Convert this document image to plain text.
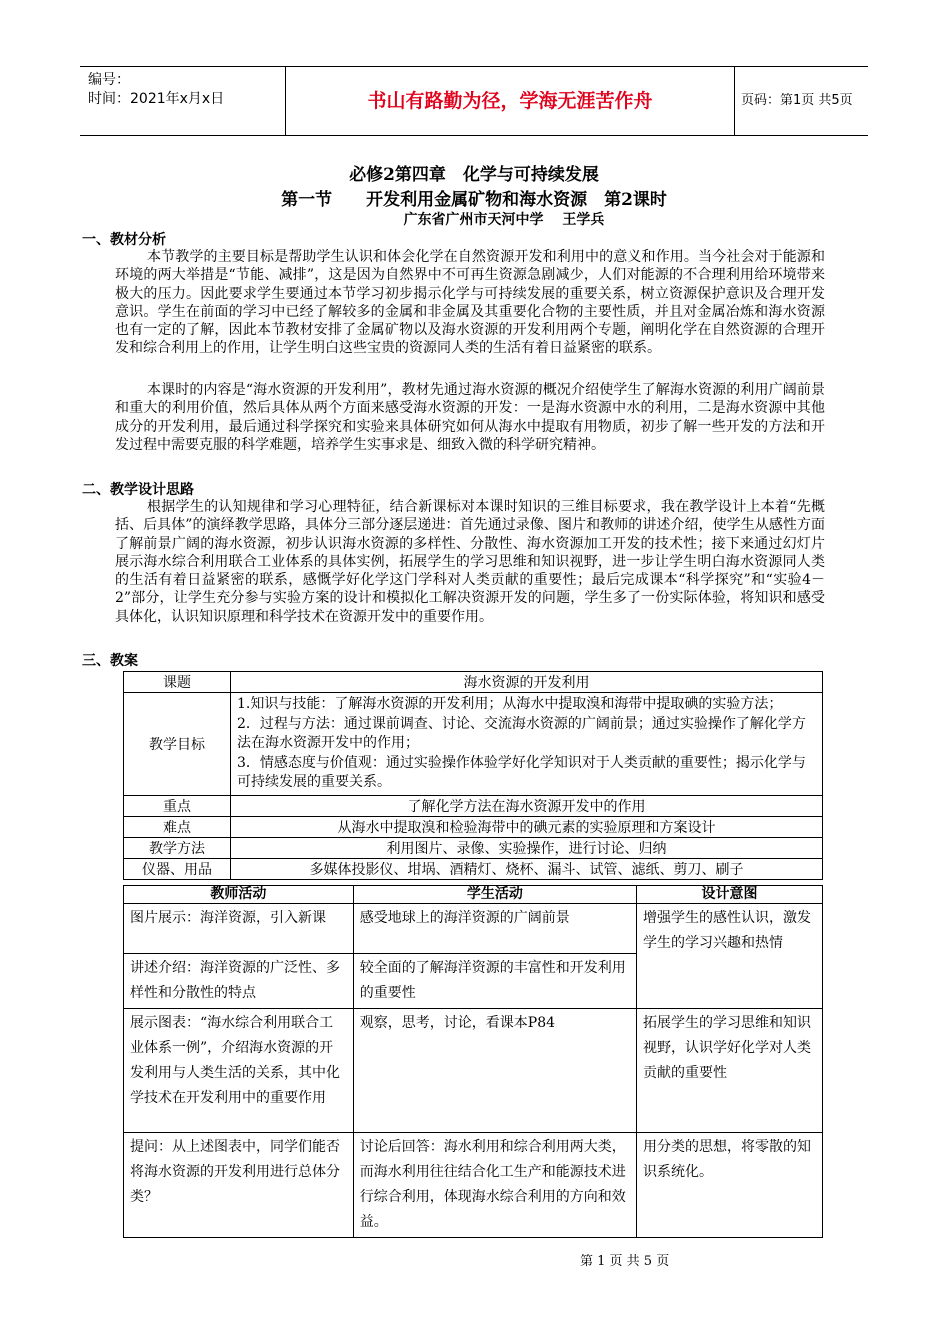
编号：
时间：2021年x月x日	书山有路勤为径，学海无涯苦作舟	页码：第1页 共5页
必修2第四章　化学与可持续发展
第一节　　开发利用金属矿物和海水资源　第2课时
广东省广州市天河中学　 王学兵
一、教材分析
本节教学的主要目标是帮助学生认识和体会化学在自然资源开发和利用中的意义和作用。当今社会对于能源和环境的两大举措是“节能、减排”，这是因为自然界中不可再生资源急剧减少，人们对能源的不合理利用给环境带来极大的压力。因此要求学生要通过本节学习初步揭示化学与可持续发展的重要关系，树立资源保护意识及合理开发意识。学生在前面的学习中已经了解较多的金属和非金属及其重要化合物的主要性质，并且对金属冶炼和海水资源也有一定的了解，因此本节教材安排了金属矿物以及海水资源的开发利用两个专题，阐明化学在自然资源的合理开发和综合利用上的作用，让学生明白这些宝贵的资源同人类的生活有着日益紧密的联系。
本课时的内容是“海水资源的开发利用”，教材先通过海水资源的概况介绍使学生了解海水资源的利用广阔前景和重大的利用价值，然后具体从两个方面来感受海水资源的开发：一是海水资源中水的利用，二是海水资源中其他成分的开发利用，最后通过科学探究和实验来具体研究如何从海水中提取有用物质，初步了解一些开发的方法和开发过程中需要克服的科学难题，培养学生实事求是、细致入微的科学研究精神。
二、教学设计思路
根据学生的认知规律和学习心理特征，结合新课标对本课时知识的三维目标要求，我在教学设计上本着“先概括、后具体”的演绎教学思路，具体分三部分逐层递进：首先通过录像、图片和教师的讲述介绍，使学生从感性方面了解前景广阔的海水资源，初步认识海水资源的多样性、分散性、海水资源加工开发的技术性；接下来通过幻灯片展示海水综合利用联合工业体系的具体实例，拓展学生的学习思维和知识视野，进一步让学生明白海水资源同人类的生活有着日益紧密的联系，感慨学好化学这门学科对人类贡献的重要性；最后完成课本“科学探究”和“实验4－2”部分，让学生充分参与实验方案的设计和模拟化工解决资源开发的问题，学生多了一份实际体验，将知识和感受具体化，认识知识原理和科学技术在资源开发中的重要作用。
三、教案
课题	海水资源的开发利用
教学目标	1.知识与技能：了解海水资源的开发利用；从海水中提取溴和海带中提取碘的实验方法；
2．过程与方法：通过课前调查、讨论、交流海水资源的广阔前景；通过实验操作了解化学方法在海水资源开发中的作用；
3．情感态度与价值观：通过实验操作体验学好化学知识对于人类贡献的重要性；揭示化学与可持续发展的重要关系。

重点	了解化学方法在海水资源开发中的作用
难点	从海水中提取溴和检验海带中的碘元素的实验原理和方案设计
教学方法	利用图片、录像、实验操作，进行讨论、归纳
仪器、用品	多媒体投影仪、坩埚、酒精灯、烧杯、漏斗、试管、滤纸、剪刀、刷子
教师活动	学生活动	设计意图
图片展示：海洋资源，引入新课	感受地球上的海洋资源的广阔前景	增强学生的感性认识，激发学生的学习兴趣和热情
讲述介绍：海洋资源的广泛性、多样性和分散性的特点	较全面的了解海洋资源的丰富性和开发利用的重要性	
展示图表：“海水综合利用联合工业体系一例”，介绍海水资源的开发利用与人类生活的关系，其中化学技术在开发利用中的重要作用	观察，思考，讨论，看课本P84	拓展学生的学习思维和知识视野，认识学好化学对人类贡献的重要性
提问：从上述图表中，同学们能否将海水资源的开发利用进行总体分类？	讨论后回答：海水利用和综合利用两大类，而海水利用往往结合化工生产和能源技术进行综合利用，体现海水综合利用的方向和效益。	用分类的思想，将零散的知识系统化。
第 1 页 共 5 页
